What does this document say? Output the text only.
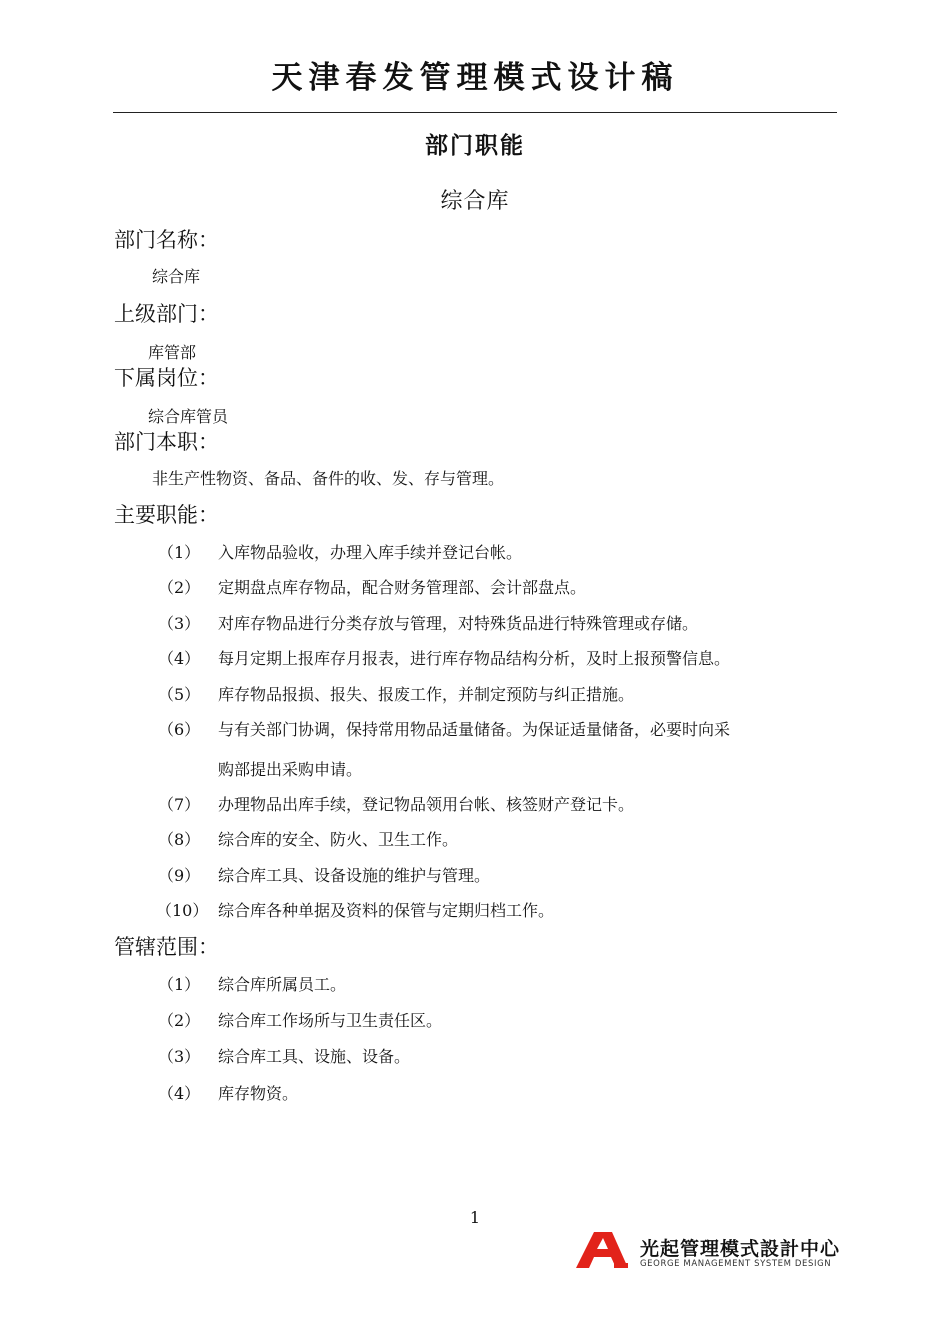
天津春发管理模式设计稿
部门职能
综合库
部门名称：
综合库
上级部门：
库管部
下属岗位：
综合库管员
部门本职：
非生产性物资、备品、备件的收、发、存与管理。
主要职能：
（1） 入库物品验收，办理入库手续并登记台帐。
（2） 定期盘点库存物品，配合财务管理部、会计部盘点。
（3） 对库存物品进行分类存放与管理，对特殊货品进行特殊管理或存储。
（4） 每月定期上报库存月报表，进行库存物品结构分析，及时上报预警信息。
（5） 库存物品报损、报失、报废工作，并制定预防与纠正措施。
（6） 与有关部门协调，保持常用物品适量储备。为保证适量储备，必要时向采
购部提出采购申请。
（7） 办理物品出库手续，登记物品领用台帐、核签财产登记卡。
（8） 综合库的安全、防火、卫生工作。
（9） 综合库工具、设备设施的维护与管理。
（10） 综合库各种单据及资料的保管与定期归档工作。
管辖范围：
（1） 综合库所属员工。
（2） 综合库工作场所与卫生责任区。
（3） 综合库工具、设施、设备。
（4） 库存物资。
1
光起管理模式設計中心
GEORGE MANAGEMENT SYSTEM DESIGN
